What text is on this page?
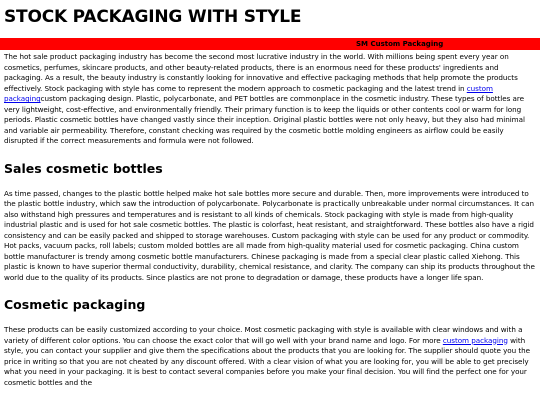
STOCK PACKAGING WITH STYLE
SM Custom Packaging

The hot sale product packaging industry has become the second most lucrative industry in the world. With millions being spent every year on cosmetics, perfumes, skincare products, and other beauty-related products, there is an enormous need for these products' ingredients and packaging. As a result, the beauty industry is constantly looking for innovative and effective packaging methods that help promote the products effectively. Stock packaging with style has come to represent the modern approach to cosmetic packaging and the latest trend in custom packagingcustom packaging design. Plastic, polycarbonate, and PET bottles are commonplace in the cosmetic industry. These types of bottles are very lightweight, cost-effective, and environmentally friendly. Their primary function is to keep the liquids or other contents cool or warm for long periods. Plastic cosmetic bottles have changed vastly since their inception. Original plastic bottles were not only heavy, but they also had minimal and variable air permeability. Therefore, constant checking was required by the cosmetic bottle molding engineers as airflow could be easily disrupted if the correct measurements and formula were not followed.

Sales cosmetic bottles

As time passed, changes to the plastic bottle helped make hot sale bottles more secure and durable. Then, more improvements were introduced to the plastic bottle industry, which saw the introduction of polycarbonate. Polycarbonate is practically unbreakable under normal circumstances. It can also withstand high pressures and temperatures and is resistant to all kinds of chemicals. Stock packaging with style is made from high-quality industrial plastic and is used for hot sale cosmetic bottles. The plastic is colorfast, heat resistant, and straightforward. These bottles also have a rigid consistency and can be easily packed and shipped to storage warehouses. Custom packaging with style can be used for any product or commodity. Hot packs, vacuum packs, roll labels; custom molded bottles are all made from high-quality material used for cosmetic packaging. China custom bottle manufacturer is trendy among cosmetic bottle manufacturers. Chinese packaging is made from a special clear plastic called Xiehong. This plastic is known to have superior thermal conductivity, durability, chemical resistance, and clarity. The company can ship its products throughout the world due to the quality of its products. Since plastics are not prone to degradation or damage, these products have a longer life span.

Cosmetic packaging

These products can be easily customized according to your choice. Most cosmetic packaging with style is available with clear windows and with a variety of different color options. You can choose the exact color that will go well with your brand name and logo. For more custom packaging with style, you can contact your supplier and give them the specifications about the products that you are looking for. The supplier should quote you the price in writing so that you are not cheated by any discount offered. With a clear vision of what you are looking for, you will be able to get precisely what you need in your packaging. It is best to contact several companies before you make your final decision. You will find the perfect one for your cosmetic bottles and the
